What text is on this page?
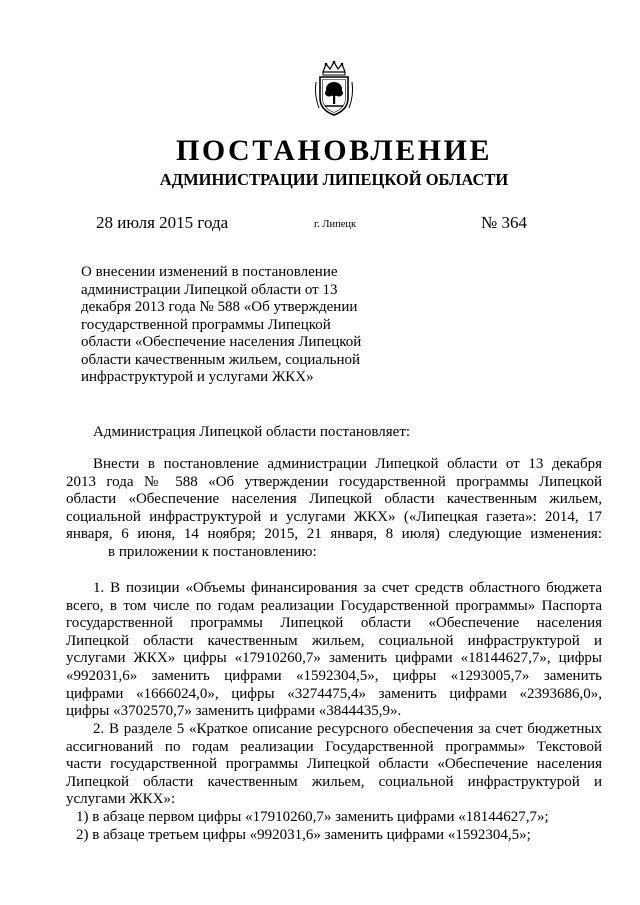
ПОСТАНОВЛЕНИЕ
АДМИНИСТРАЦИИ ЛИПЕЦКОЙ ОБЛАСТИ
28 июля 2015 года	г. Липецк	№ 364
О внесении изменений в постановление
администрации Липецкой области от 13
декабря 2013 года № 588 «Об утверждении
государственной программы Липецкой
области «Обеспечение населения Липецкой
области качественным жильем, социальной
инфраструктурой и услугами ЖКХ»
Администрация Липецкой области постановляет:
Внести в постановление администрации Липецкой области от 13 декабря
2013 года № 588 «Об утверждении государственной программы Липецкой
области «Обеспечение населения Липецкой области качественным жильем,
социальной инфраструктурой и услугами ЖКХ» («Липецкая газета»: 2014, 17
января, 6 июня, 14 ноября; 2015, 21 января, 8 июля) следующие изменения:
в приложении к постановлению:
1. В позиции «Объемы финансирования за счет средств областного бюджета
всего, в том числе по годам реализации Государственной программы» Паспорта
государственной программы Липецкой области «Обеспечение населения
Липецкой области качественным жильем, социальной инфраструктурой и
услугами ЖКХ» цифры «17910260,7» заменить цифрами «18144627,7», цифры
«992031,6» заменить цифрами «1592304,5», цифры «1293005,7» заменить
цифрами «1666024,0», цифры «3274475,4» заменить цифрами «2393686,0»,
цифры «3702570,7» заменить цифрами «3844435,9».
2. В разделе 5 «Краткое описание ресурсного обеспечения за счет бюджетных
ассигнований по годам реализации Государственной программы» Текстовой
части государственной программы Липецкой области «Обеспечение населения
Липецкой области качественным жильем, социальной инфраструктурой и
услугами ЖКХ»:
1) в абзаце первом цифры «17910260,7» заменить цифрами «18144627,7»;
2) в абзаце третьем цифры «992031,6» заменить цифрами «1592304,5»;
